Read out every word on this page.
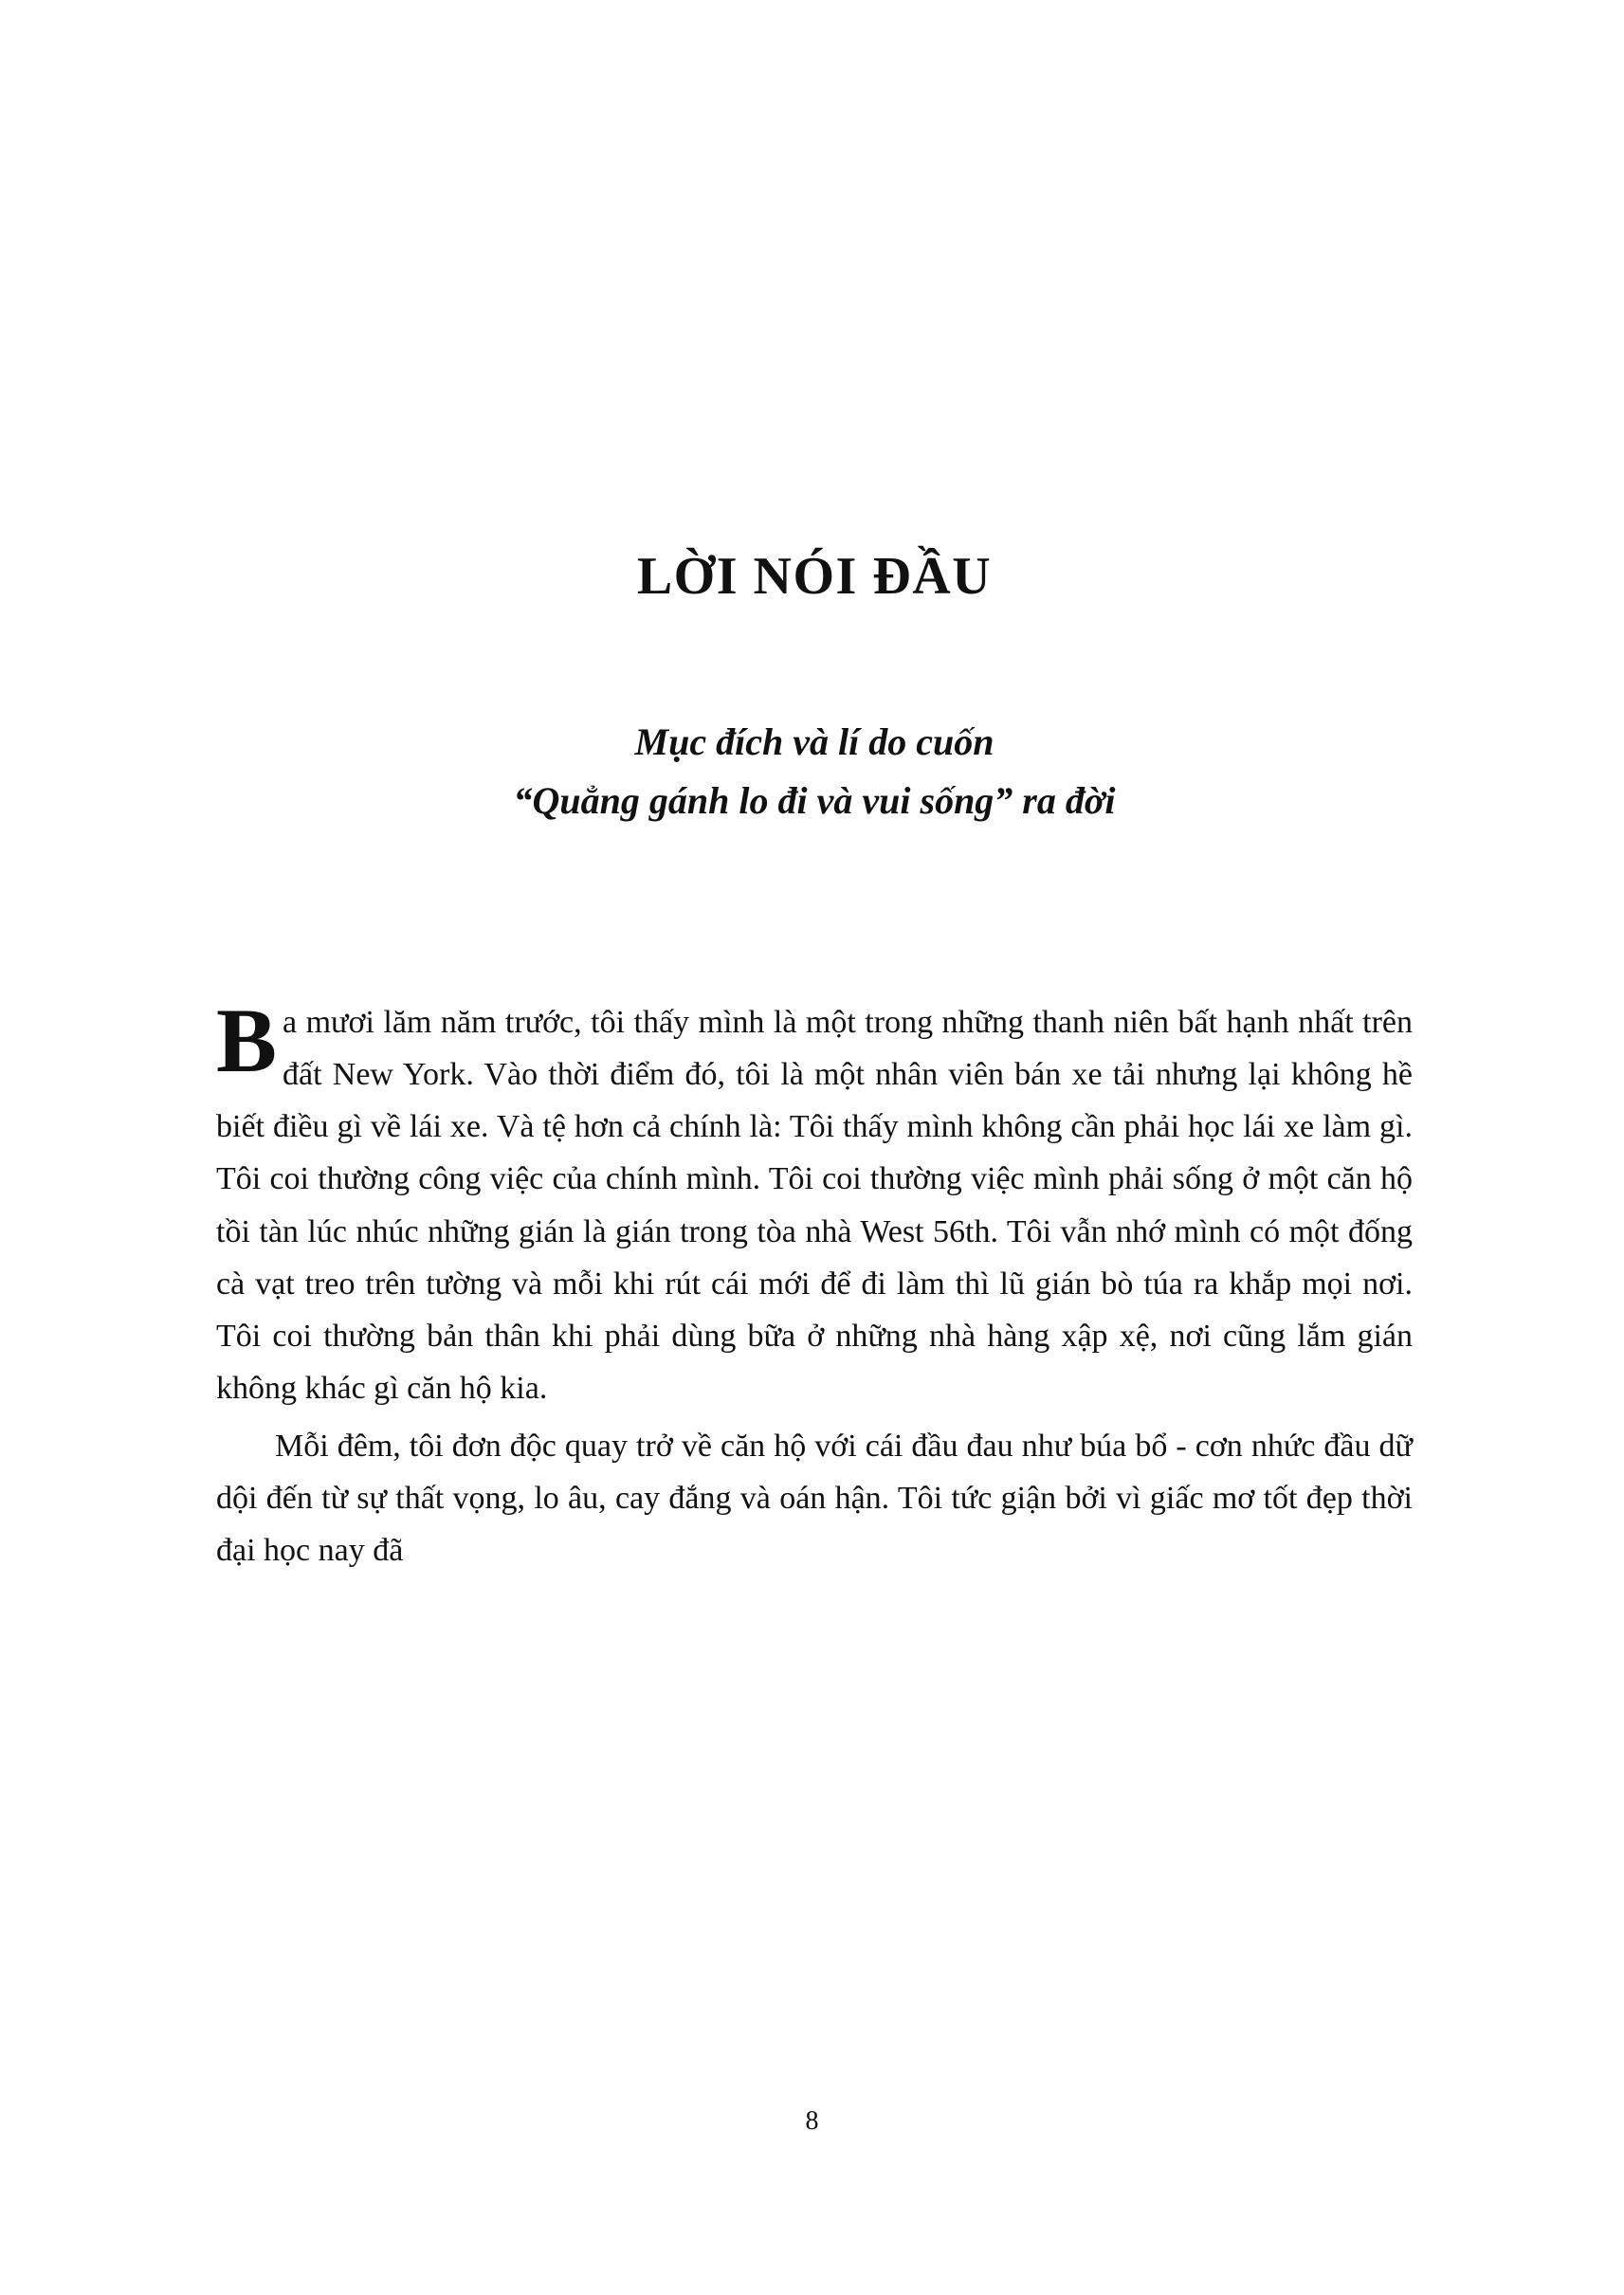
LỜI NÓI ĐẦU
Mục đích và lí do cuốn
“Quẳng gánh lo đi và vui sống” ra đời

Ba mươi lăm năm trước, tôi thấy mình là một trong những thanh niên bất hạnh nhất trên đất New York. Vào thời điểm đó, tôi là một nhân viên bán xe tải nhưng lại không hề biết điều gì về lái xe. Và tệ hơn cả chính là: Tôi thấy mình không cần phải học lái xe làm gì. Tôi coi thường công việc của chính mình. Tôi coi thường việc mình phải sống ở một căn hộ tồi tàn lúc nhúc những gián là gián trong tòa nhà West 56th. Tôi vẫn nhớ mình có một đống cà vạt treo trên tường và mỗi khi rút cái mới để đi làm thì lũ gián bò túa ra khắp mọi nơi. Tôi coi thường bản thân khi phải dùng bữa ở những nhà hàng xập xệ, nơi cũng lắm gián không khác gì căn hộ kia.

Mỗi đêm, tôi đơn độc quay trở về căn hộ với cái đầu đau như búa bổ - cơn nhức đầu dữ dội đến từ sự thất vọng, lo âu, cay đắng và oán hận. Tôi tức giận bởi vì giấc mơ tốt đẹp thời đại học nay đã

8
